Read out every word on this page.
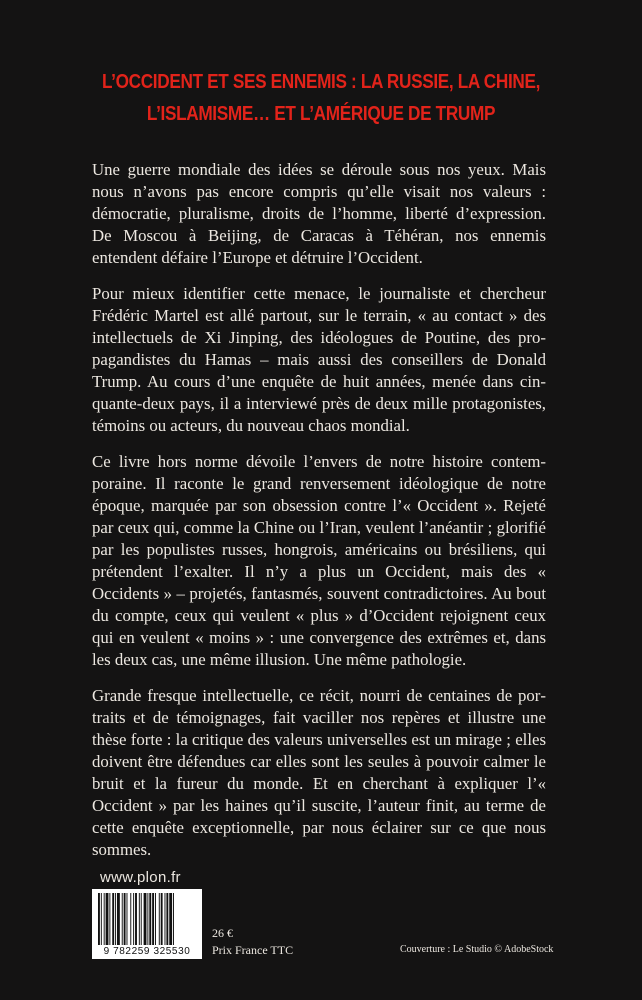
L’OCCIDENT ET SES ENNEMIS : LA RUSSIE, LA CHINE,
L’ISLAMISME… ET L’AMÉRIQUE DE TRUMP

Une guerre mondiale des idées se déroule sous nos yeux. Mais nous n’avons pas encore compris qu’elle visait nos valeurs : démocratie, pluralisme, droits de l’homme, liberté d’expression. De Moscou à Beijing, de Caracas à Téhéran, nos ennemis entendent défaire l’Europe et détruire l’Occident.

Pour mieux identifier cette menace, le journaliste et chercheur Frédéric Martel est allé partout, sur le terrain, « au contact » des intellectuels de Xi Jinping, des idéologues de Poutine, des propagandistes du Hamas – mais aussi des conseillers de Donald Trump. Au cours d’une enquête de huit années, menée dans cinquante-deux pays, il a interviewé près de deux mille protagonistes, témoins ou acteurs, du nouveau chaos mondial.

Ce livre hors norme dévoile l’envers de notre histoire contemporaine. Il raconte le grand renversement idéologique de notre époque, marquée par son obsession contre l’« Occident ». Rejeté par ceux qui, comme la Chine ou l’Iran, veulent l’anéantir ; glorifié par les populistes russes, hongrois, américains ou brésiliens, qui prétendent l’exalter. Il n’y a plus un Occident, mais des « Occidents » – projetés, fantasmés, souvent contradictoires. Au bout du compte, ceux qui veulent « plus » d’Occident rejoignent ceux qui en veulent « moins » : une convergence des extrêmes et, dans les deux cas, une même illusion. Une même pathologie.

Grande fresque intellectuelle, ce récit, nourri de centaines de portraits et de témoignages, fait vaciller nos repères et illustre une thèse forte : la critique des valeurs universelles est un mirage ; elles doivent être défendues car elles sont les seules à pouvoir calmer le bruit et la fureur du monde. Et en cherchant à expliquer l’« Occident » par les haines qu’il suscite, l’auteur finit, au terme de cette enquête exceptionnelle, par nous éclairer sur ce que nous sommes.

www.plon.fr
9 782259 325530
26 €
Prix France TTC	Couverture : Le Studio © AdobeStock
